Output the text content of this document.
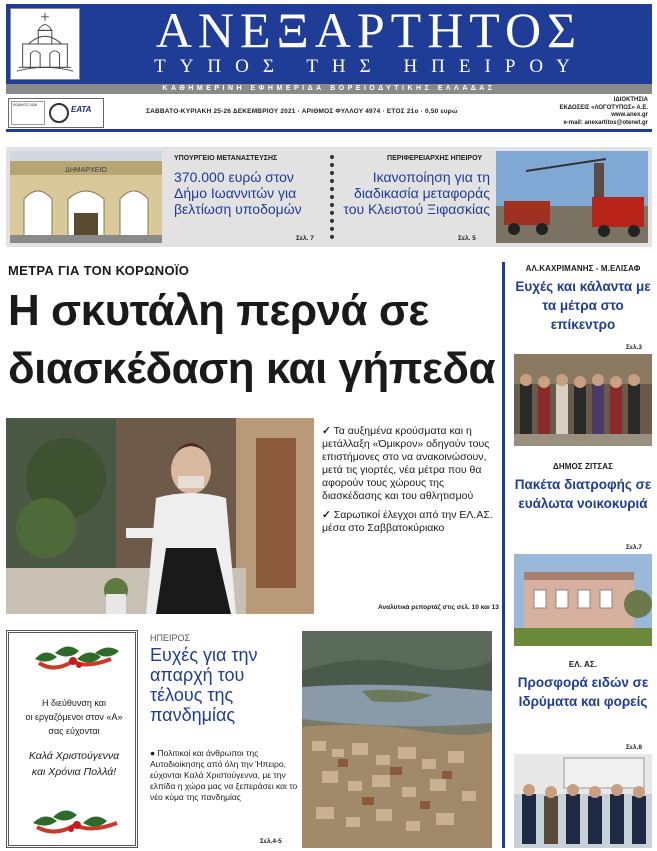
ΑΝΕΞΑΡΤΗΤΟΣ
ΤΥΠΟΣ ΤΗΣ ΗΠΕΙΡΟΥ
ΚΑΘΗΜΕΡΙΝΗ ΕΦΗΜΕΡΙΔΑ ΒΟΡΕΙΟΔΥΤΙΚΗΣ ΕΛΛΑΔΑΣ
ΚΩΔΙΚΟΣ 2436	ΕΑΤΑ	ΣΑΒΒΑΤΟ-ΚΥΡΙΑΚΗ 25-26 ΔΕΚΕΜΒΡΙΟΥ 2021 · ΑΡΙΘΜΟΣ ΦΥΛΛΟΥ 4974 · ΕΤΟΣ 21ο · 0,50 ευρώ
ΙΔΙΟΚΤΗΣΙΑ
ΕΚΔΟΣΕΙΣ «ΛΟΓΟΤΥΠΟΣ» Α.Ε.
www.anex.gr
e-mail: anexartitos@otenet.gr
ΔΗΜΑΡΧΕΙΟ
ΥΠΟΥΡΓΕΙΟ ΜΕΤΑΝΑΣΤΕΥΣΗΣ
370.000 ευρώ στον Δήμο Ιωαννιτών για βελτίωση υποδομών
Σελ. 7
ΠΕΡΙΦΕΡΕΙΑΡΧΗΣ ΗΠΕΙΡΟΥ
Ικανοποίηση για τη διαδικασία μεταφοράς του Κλειστού Ξιφασκίας
Σελ. 5
ΜΕΤΡΑ ΓΙΑ ΤΟΝ ΚΟΡΩΝΟΪΟ
Η σκυτάλη περνά σε
διασκέδαση και γήπεδα
✓ Τα αυξημένα κρούσματα και η μετάλλαξη «Όμικρον» οδηγούν τους επιστήμονες στο να ανακοινώσουν, μετά τις γιορτές, νέα μέτρα που θα αφορούν τους χώρους της διασκέδασης και του αθλητισμού
✓ Σαρωτικοί έλεγχοι από την ΕΛ.ΑΣ. μέσα στο Σαββατοκύριακο
Αναλυτικά ρεπορτάζ στις σελ. 10 και 13
ΑΛ.ΚΑΧΡΙΜΑΝΗΣ - Μ.ΕΛΙΣΑΦ
Ευχές και κάλαντα με τα μέτρα στο επίκεντρο
Σελ.3
ΔΗΜΟΣ ΖΙΤΣΑΣ
Πακέτα διατροφής σε ευάλωτα νοικοκυριά
Σελ.7
ΕΛ. ΑΣ.
Προσφορά ειδών σε Ιδρύματα και φορείς
Σελ.8
Η διεύθυνση και
οι εργαζόμενοι στον «Α»
σας εύχονται
Καλά Χριστούγεννα
και Χρόνια Πολλά!
ΗΠΕΙΡΟΣ
Ευχές για την απαρχή του τέλους της πανδημίας
● Πολιτικοί και άνθρωποι της Αυτοδιοίκησης από όλη την Ήπειρο, εύχονται Καλά Χριστούγεννα, με την ελπίδα η χώρα μας να ξεπεράσει και το νέο κύμα της πανδημίας
Σελ.4-5
